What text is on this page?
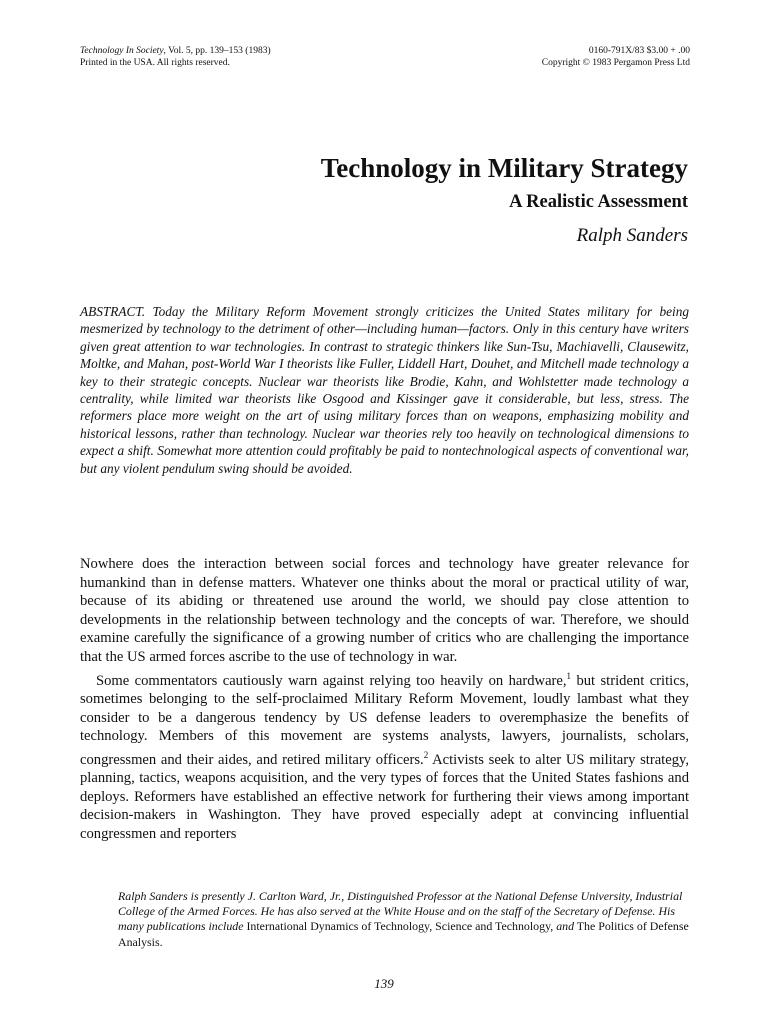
Technology In Society, Vol. 5, pp. 139–153 (1983)
Printed in the USA. All rights reserved.
0160-791X/83 $3.00 + .00
Copyright © 1983 Pergamon Press Ltd
Technology in Military Strategy
A Realistic Assessment
Ralph Sanders
ABSTRACT. Today the Military Reform Movement strongly criticizes the United States military for being mesmerized by technology to the detriment of other—including human—factors. Only in this century have writers given great attention to war technologies. In contrast to strategic thinkers like Sun-Tsu, Machiavelli, Clausewitz, Moltke, and Mahan, post-World War I theorists like Fuller, Liddell Hart, Douhet, and Mitchell made technology a key to their strategic concepts. Nuclear war theorists like Brodie, Kahn, and Wohlstetter made technology a centrality, while limited war theorists like Osgood and Kissinger gave it considerable, but less, stress. The reformers place more weight on the art of using military forces than on weapons, emphasizing mobility and historical lessons, rather than technology. Nuclear war theories rely too heavily on technological dimensions to expect a shift. Somewhat more attention could profitably be paid to nontechnological aspects of conventional war, but any violent pendulum swing should be avoided.

Nowhere does the interaction between social forces and technology have greater relevance for humankind than in defense matters. Whatever one thinks about the moral or practical utility of war, because of its abiding or threatened use around the world, we should pay close attention to developments in the relationship between technology and the concepts of war. Therefore, we should examine carefully the significance of a growing number of critics who are challenging the importance that the US armed forces ascribe to the use of technology in war.

Some commentators cautiously warn against relying too heavily on hardware,$^1$ but strident critics, sometimes belonging to the self-proclaimed Military Reform Movement, loudly lambast what they consider to be a dangerous tendency by US defense leaders to overemphasize the benefits of technology. Members of this movement are systems analysts, lawyers, journalists, scholars, congressmen and their aides, and retired military officers.$^2$ Activists seek to alter US military strategy, planning, tactics, weapons acquisition, and the very types of forces that the United States fashions and deploys. Reformers have established an effective network for furthering their views among important decision-makers in Washington. They have proved especially adept at convincing influential congressmen and reporters

Ralph Sanders is presently J. Carlton Ward, Jr., Distinguished Professor at the National Defense University, Industrial College of the Armed Forces. He has also served at the White House and on the staff of the Secretary of Defense. His many publications include International Dynamics of Technology, Science and Technology, and The Politics of Defense Analysis.
139
